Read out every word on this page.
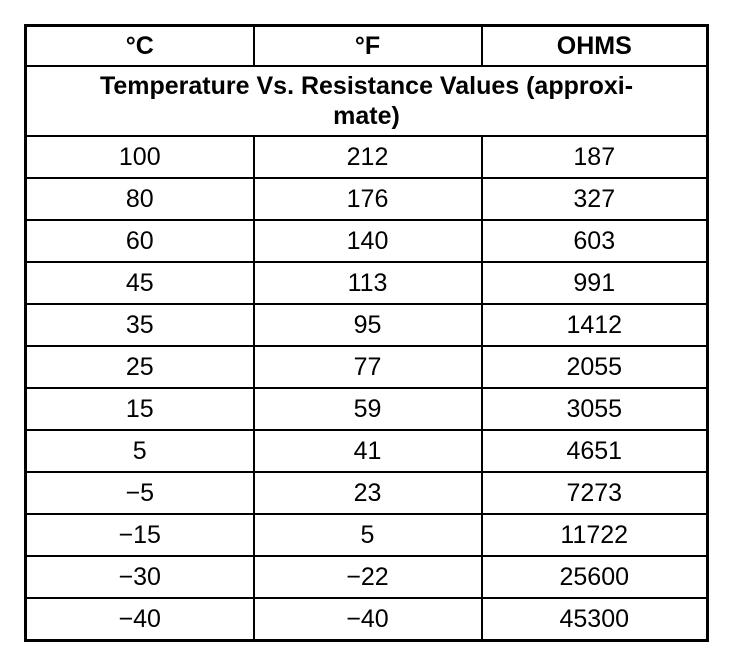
°C	°F	OHMS
Temperature Vs. Resistance Values (approxi-mate)		
100	212	187
80	176	327
60	140	603
45	113	991
35	95	1412
25	77	2055
15	59	3055
5	41	4651
−5	23	7273
−15	5	11722
−30	−22	25600
−40	−40	45300
